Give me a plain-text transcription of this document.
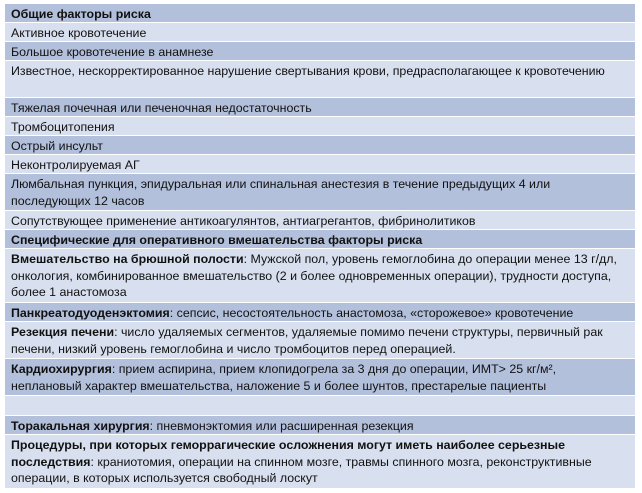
Общие факторы риска
Активное кровотечение
Большое кровотечение в анамнезе
Известное, нескорректированное нарушение свертывания крови, предрасполагающее к кровотечению
Тяжелая почечная или печеночная недостаточность
Тромбоцитопения
Острый инсульт
Неконтролируемая АГ
Люмбальная пункция, эпидуральная или спинальная анестезия в течение предыдущих 4 или последующих 12 часов
Сопутствующее применение антикоагулянтов, антиагрегантов, фибринолитиков
Специфические для оперативного вмешательства факторы риска
Вмешательство на брюшной полости: Мужской пол, уровень гемоглобина до операции менее 13 г/дл, онкология, комбинированное вмешательство (2 и более одновременных операции), трудности доступа, более 1 анастомоза
Панкреатодуоденэктомия: сепсис, несостоятельность анастомоза, «сторожевое» кровотечение
Резекция печени: число удаляемых сегментов, удаляемые помимо печени структуры, первичный рак печени, низкий уровень гемоглобина и число тромбоцитов перед операцией.
Кардиохирургия: прием аспирина, прием клопидогрела за 3 дня до операции, ИМТ> 25 кг/м², неплановый характер вмешательства, наложение 5 и более шунтов, престарелые пациенты
Торакальная хирургия: пневмонэктомия или расширенная резекция
Процедуры, при которых геморрагические осложнения могут иметь наиболее серьезные последствия: краниотомия, операции на спинном мозге, травмы спинного мозга, реконструктивные операции, в которых используется свободный лоскут
